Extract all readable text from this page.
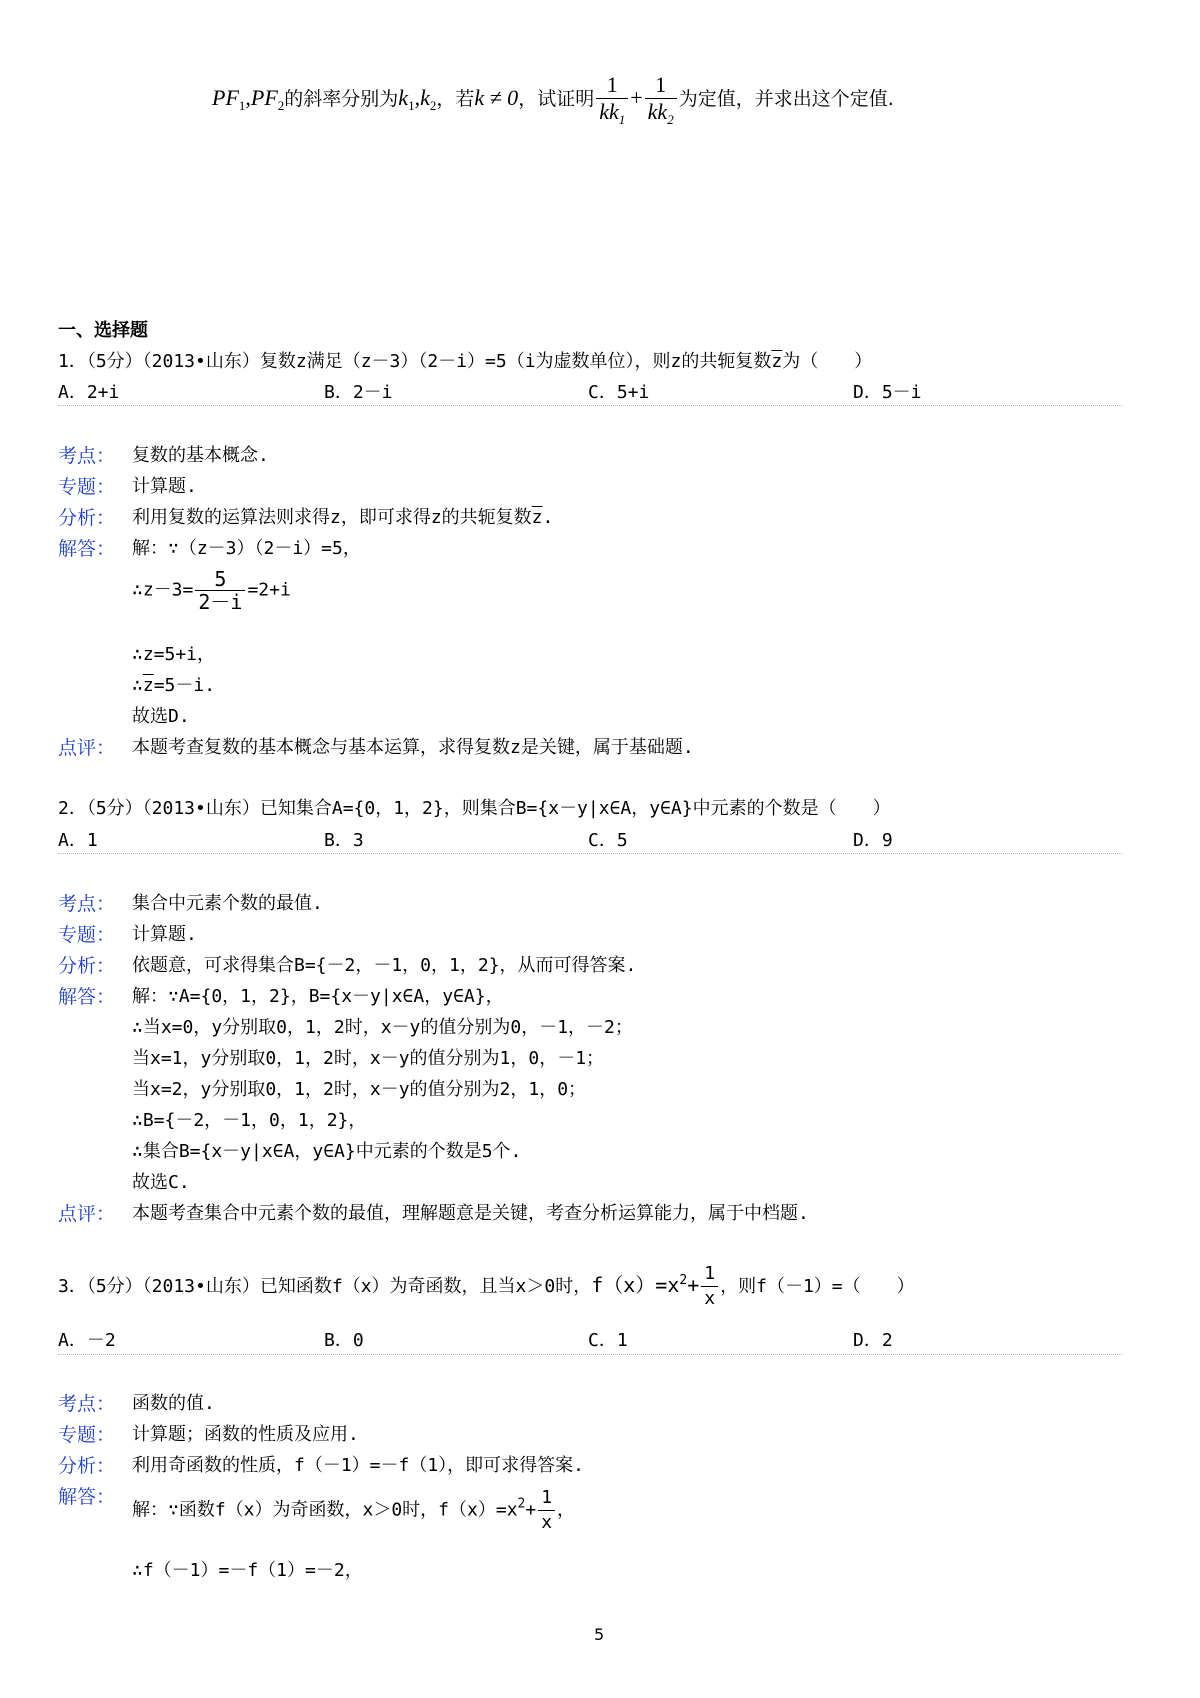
$PF_1,PF_2$的斜率分别为$k_1,k_2$，若k ≠ 0，试证明 $\frac{1}{kk_1} + \frac{1}{kk_2}$ 为定值，并求出这个定值.
一、选择题
1．（5分）（2013•山东）复数z满足（z－3）（2－i）=5（i为虚数单位），则z的共轭复数$\overline{z}$为（　　）
A．2+i	B．2－i	C．5+i	D．5－i
考点： 复数的基本概念.
专题： 计算题.
分析： 利用复数的运算法则求得z，即可求得z的共轭复数$\overline{z}$.
解答： 解：∵（z－3）（2－i）=5，
∴z－3= $\frac{5}{2-i} =2+i$
∴z=5+i，
$\therefore\overline{z}=5-i$.
故选D.
点评： 本题考查复数的基本概念与基本运算，求得复数z是关键，属于基础题.
2．（5分）（2013•山东）已知集合A={0，1，2}，则集合B={x－y|x∈A，y∈A}中元素的个数是（　　）
A．1	B．3	C．5	D．9
考点： 集合中元素个数的最值.
专题： 计算题.
分析： 依题意，可求得集合B={－2，－1，0，1，2}，从而可得答案.
解答： 解：∵A={0，1，2}，B={x－y|x∈A，y∈A}，
∴当x=0，y分别取0，1，2时，x－y的值分别为0，－1，－2；
当x=1，y分别取0，1，2时，x－y的值分别为1，0，－1；
当x=2，y分别取0，1，2时，x－y的值分别为2，1，0；
∴B={－2，－1，0，1，2}，
∴集合B={x－y|x∈A，y∈A}中元素的个数是5个.
故选C.
点评： 本题考查集合中元素个数的最值，理解题意是关键，考查分析运算能力，属于中档题.
3．（5分）（2013•山东）已知函数f（x）为奇函数，且当x＞0时，$f(x)=x^2+ \frac{1}{x}$ ，则f（－1）=（　　）
A．－2	B．0	C．1	D．2
考点： 函数的值.
专题： 计算题；函数的性质及应用.
分析： 利用奇函数的性质，f（－1）=－f（1），即可求得答案.
解答：
解：∵函数f（x）为奇函数，x＞0时，$f(x)=x^2+ \frac{1}{x}$ ，
∴f（－1）=－f（1）=－2，
5
